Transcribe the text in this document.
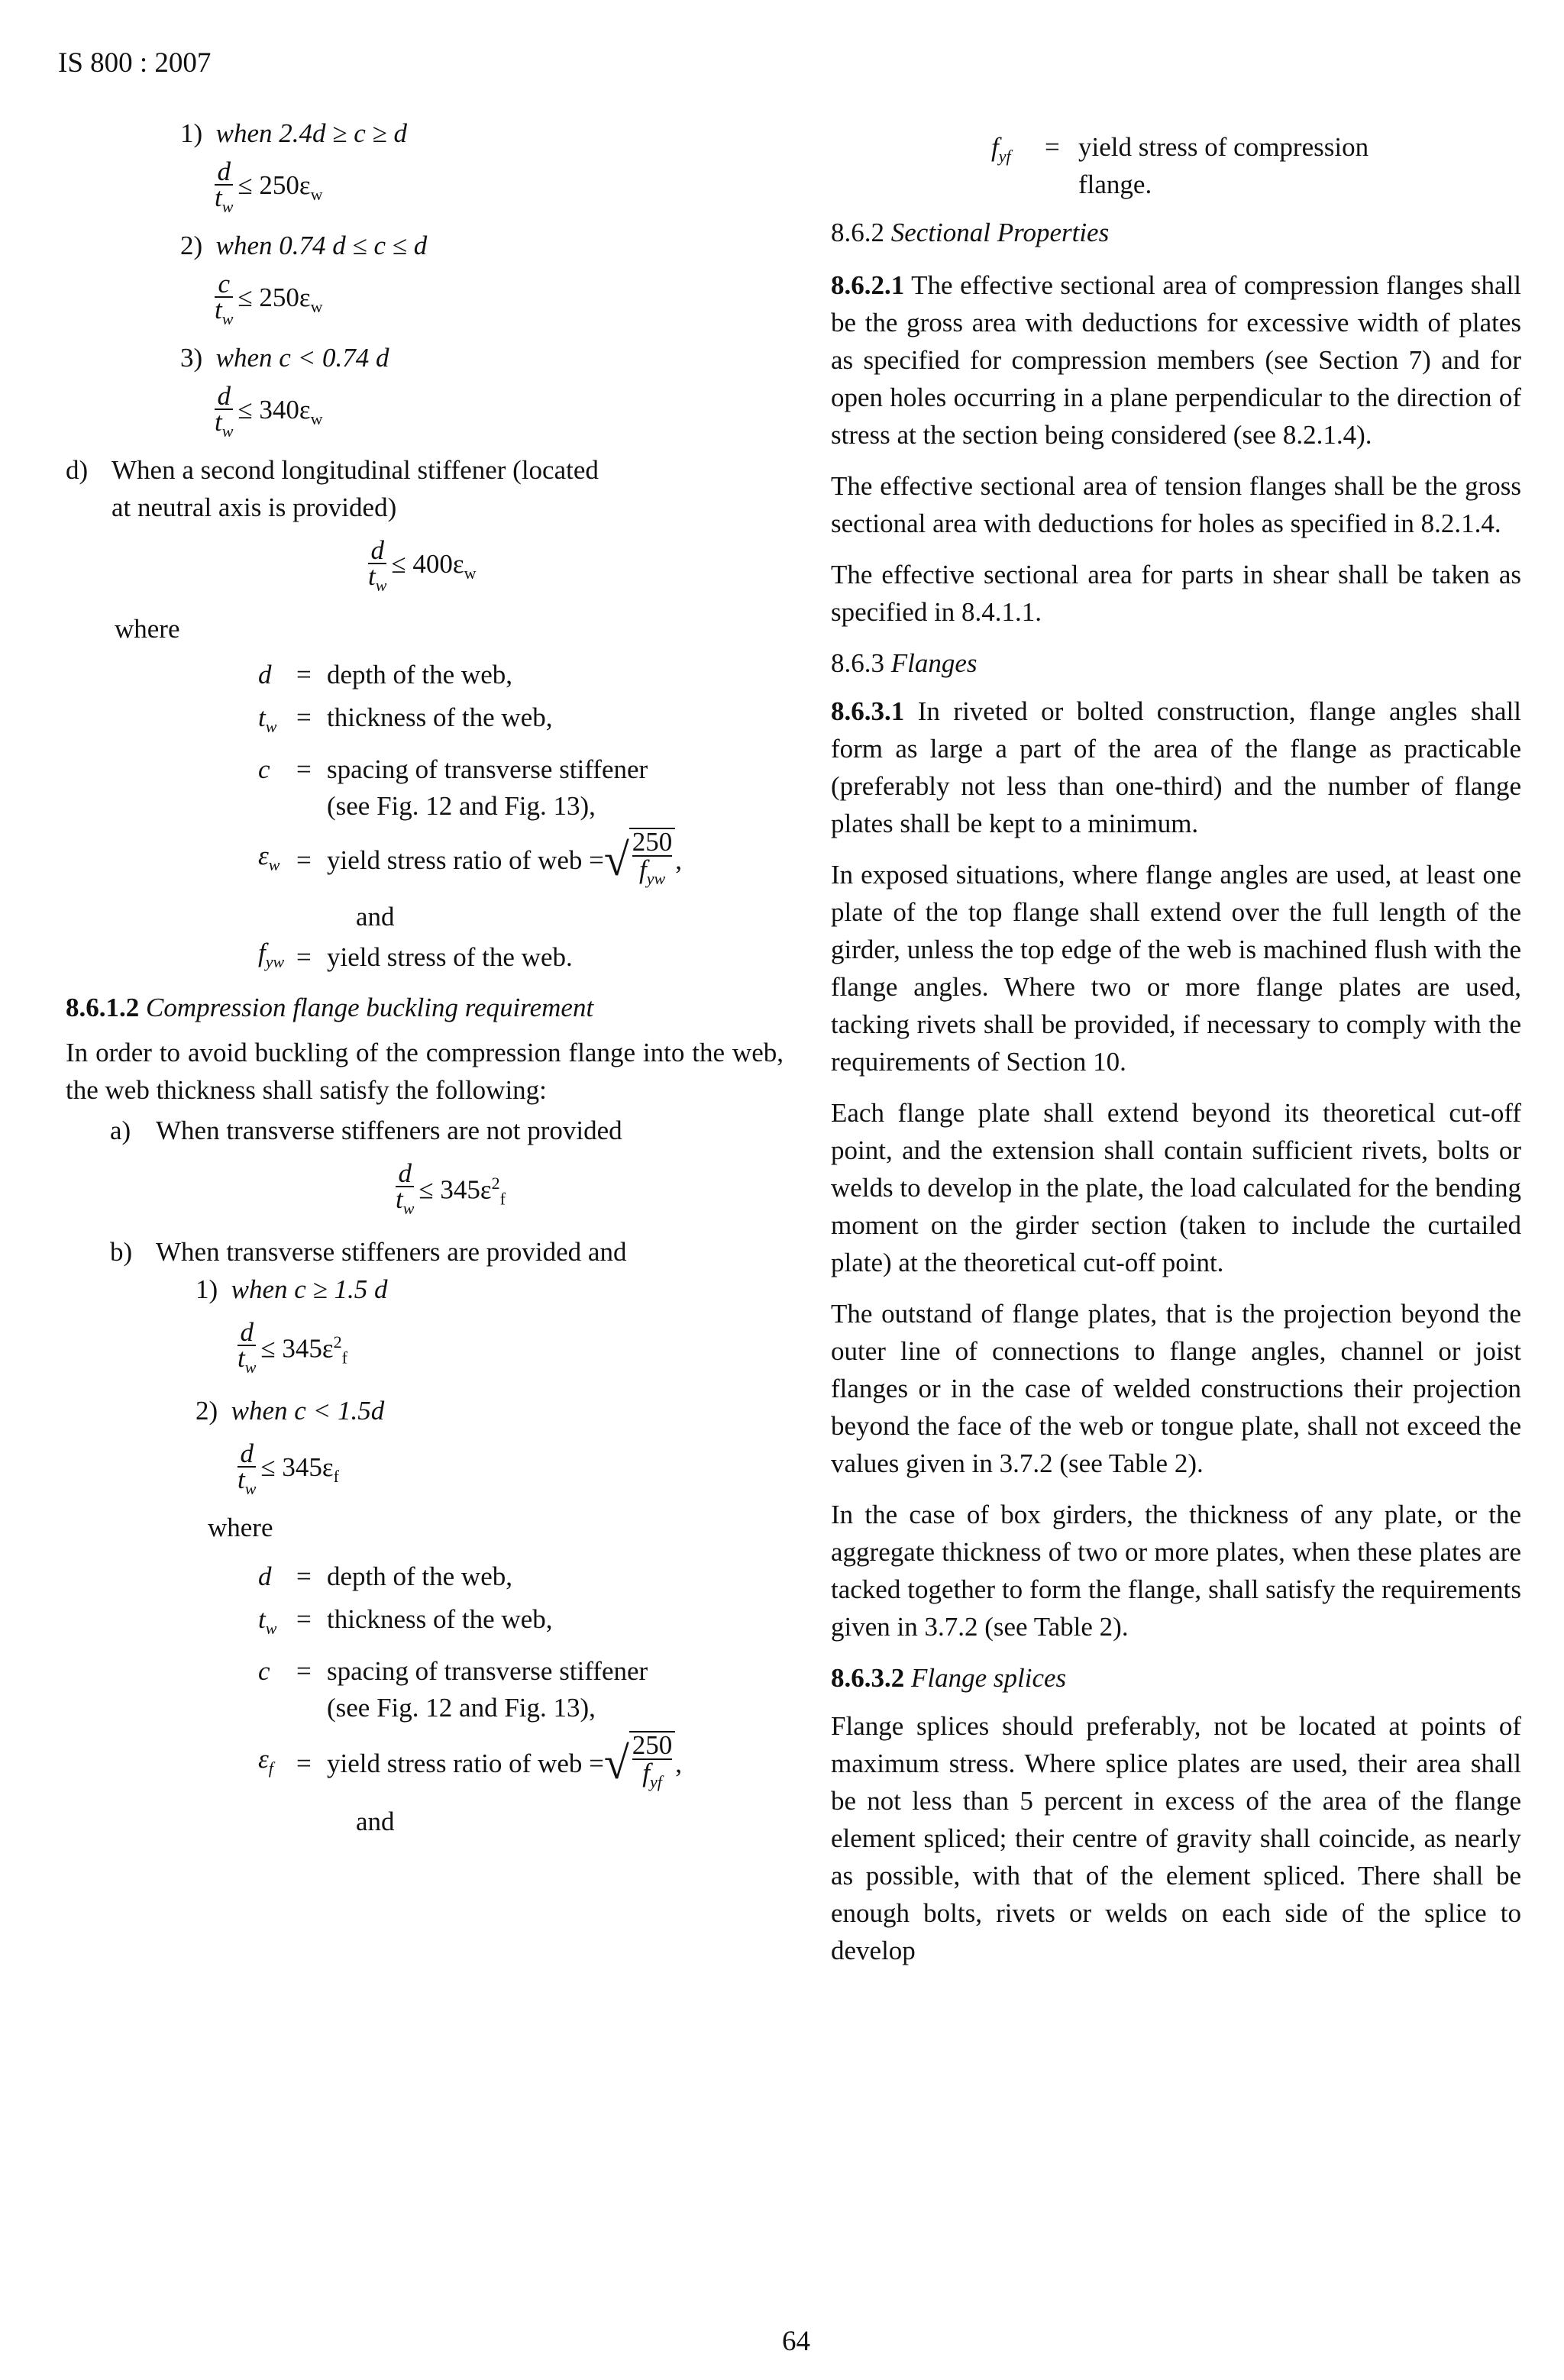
IS 800 : 2007
1) when 2.4d ≥ c ≥ d
$\frac{d}{t_w} \le 250\varepsilon_w$
2) when 0.74 d ≤ c ≤ d
$\frac{c}{t_w} \le 250\varepsilon_w$
3) when c < 0.74 d
$\frac{d}{t_w} \le 340\varepsilon_w$
d) When a second longitudinal stiffener (located
at neutral axis is provided)
$\frac{d}{t_w} \le 400\varepsilon_w$
where
d = depth of the web,
$t_w$ = thickness of the web,
c = spacing of transverse stiffener
(see Fig. 12 and Fig. 13),
$\varepsilon_w$ = yield stress ratio of web = √ 250
$f_{yw}$
,
and
$f_{yw}$ = yield stress of the web.
8.6.1.2 Compression flange buckling requirement
In order to avoid buckling of the compression flange into the web, the web thickness shall satisfy the following:
a) When transverse stiffeners are not provided
$\frac{d}{t_w} \le 345\varepsilon^2_f$
b) When transverse stiffeners are provided and
1) when c ≥ 1.5 d
$\frac{d}{t_w} \le 345\varepsilon^2_f$
2) when c < 1.5d
$\frac{d}{t_w} \le 345\varepsilon_f$
where
d = depth of the web,
$t_w$ = thickness of the web,
c = spacing of transverse stiffener
(see Fig. 12 and Fig. 13),
$\varepsilon_f$ = yield stress ratio of web = √ 250
$f_{yf}$
,
and
$f_{yf}$	= yield stress of compression
flange.
8.6.2 Sectional Properties
8.6.2.1 The effective sectional area of compression flanges shall be the gross area with deductions for excessive width of plates as specified for compression members (see Section 7) and for open holes occurring in a plane perpendicular to the direction of stress at the section being considered (see 8.2.1.4).
The effective sectional area of tension flanges shall be the gross sectional area with deductions for holes as specified in 8.2.1.4.
The effective sectional area for parts in shear shall be taken as specified in 8.4.1.1.
8.6.3 Flanges
8.6.3.1 In riveted or bolted construction, flange angles shall form as large a part of the area of the flange as practicable (preferably not less than one-third) and the number of flange plates shall be kept to a minimum.
In exposed situations, where flange angles are used, at least one plate of the top flange shall extend over the full length of the girder, unless the top edge of the web is machined flush with the flange angles. Where two or more flange plates are used, tacking rivets shall be provided, if necessary to comply with the requirements of Section 10.
Each flange plate shall extend beyond its theoretical cut-off point, and the extension shall contain sufficient rivets, bolts or welds to develop in the plate, the load calculated for the bending moment on the girder section (taken to include the curtailed plate) at the theoretical cut-off point.
The outstand of flange plates, that is the projection beyond the outer line of connections to flange angles, channel or joist flanges or in the case of welded constructions their projection beyond the face of the web or tongue plate, shall not exceed the values given in 3.7.2 (see Table 2).
In the case of box girders, the thickness of any plate, or the aggregate thickness of two or more plates, when these plates are tacked together to form the flange, shall satisfy the requirements given in 3.7.2 (see Table 2).
8.6.3.2 Flange splices
Flange splices should preferably, not be located at points of maximum stress. Where splice plates are used, their area shall be not less than 5 percent in excess of the area of the flange element spliced; their centre of gravity shall coincide, as nearly as possible, with that of the element spliced. There shall be enough bolts, rivets or welds on each side of the splice to develop
64
